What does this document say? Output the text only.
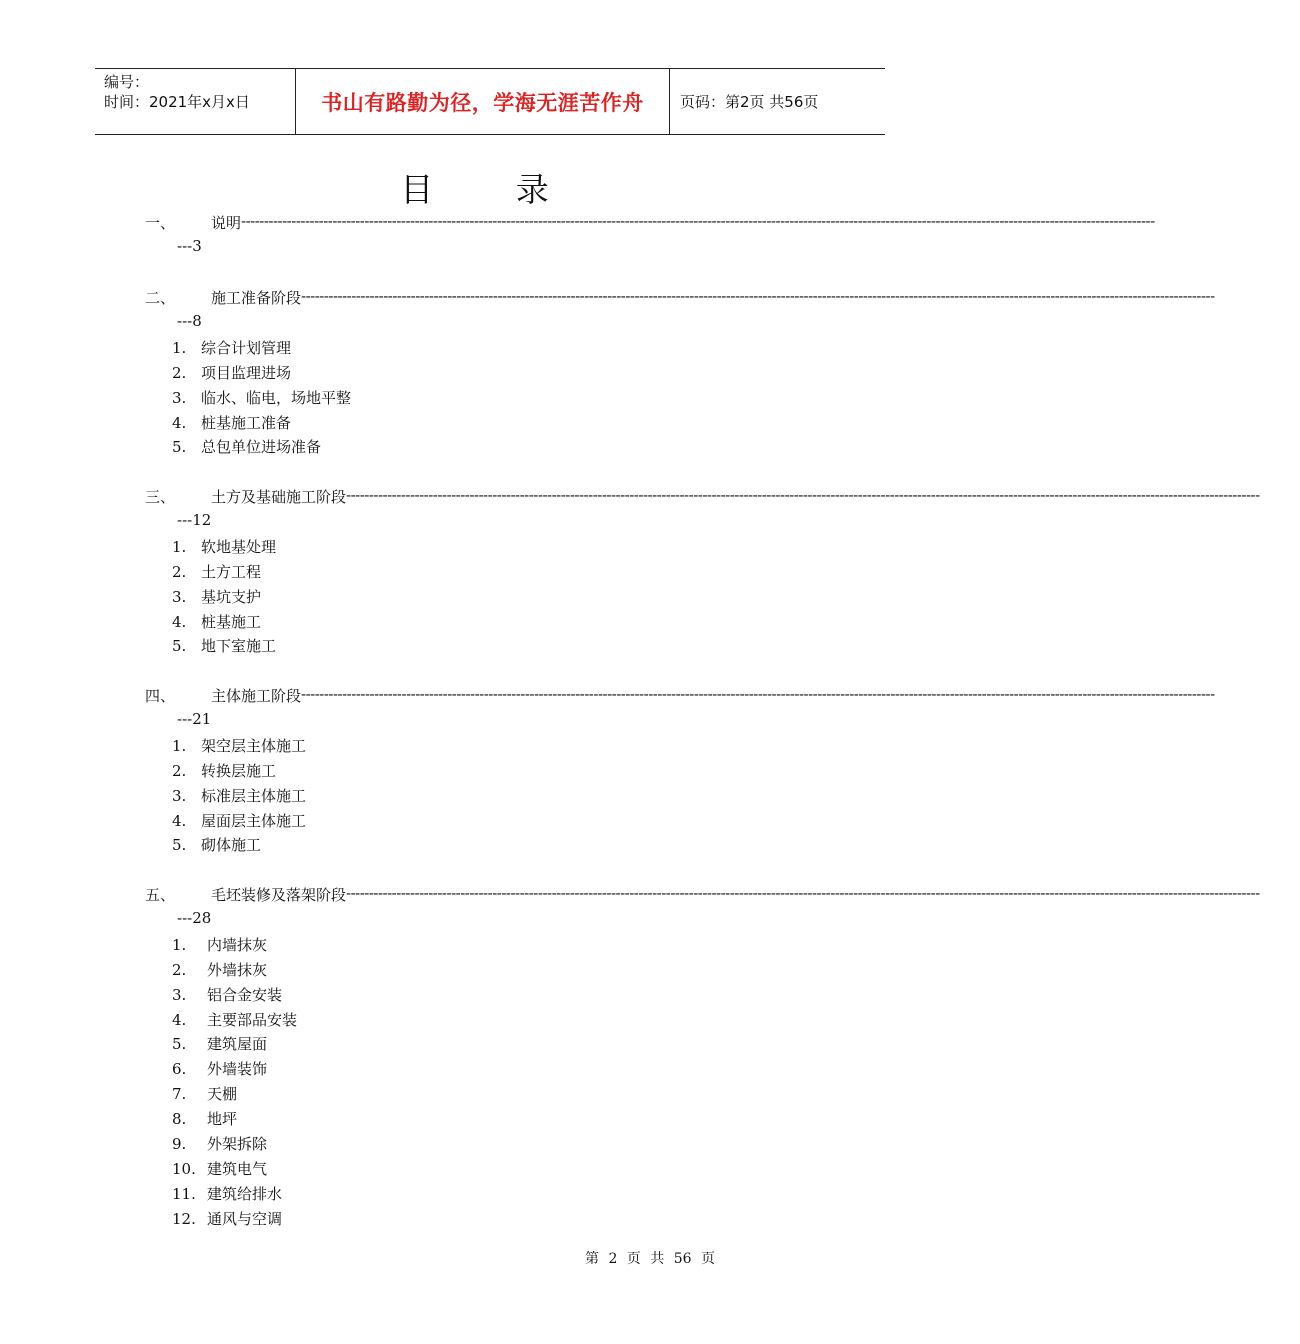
编号：
时间：2021年x月x日	书山有路勤为径，学海无涯苦作舟	页码：第2页 共56页
目 录
一、 说明 --------------------------------------------------------------------------------------------------------------------------------------------------------------------------------------------------------
---3
二、 施工准备阶段 --------------------------------------------------------------------------------------------------------------------------------------------------------------------------------------------------------
---8
1. 综合计划管理
2. 项目监理进场
3. 临水、临电，场地平整
4. 桩基施工准备
5. 总包单位进场准备
三、 土方及基础施工阶段 --------------------------------------------------------------------------------------------------------------------------------------------------------------------------------------------------------
---12
1. 软地基处理
2. 土方工程
3. 基坑支护
4. 桩基施工
5. 地下室施工
四、 主体施工阶段 --------------------------------------------------------------------------------------------------------------------------------------------------------------------------------------------------------
---21
1. 架空层主体施工
2. 转换层施工
3. 标准层主体施工
4. 屋面层主体施工
5. 砌体施工
五、 毛坯装修及落架阶段 --------------------------------------------------------------------------------------------------------------------------------------------------------------------------------------------------------
---28
1. 内墙抹灰
2. 外墙抹灰
3. 铝合金安装
4. 主要部品安装
5. 建筑屋面
6. 外墙装饰
7. 天棚
8. 地坪
9. 外架拆除
10. 建筑电气
11. 建筑给排水
12. 通风与空调
第 2 页 共 56 页
